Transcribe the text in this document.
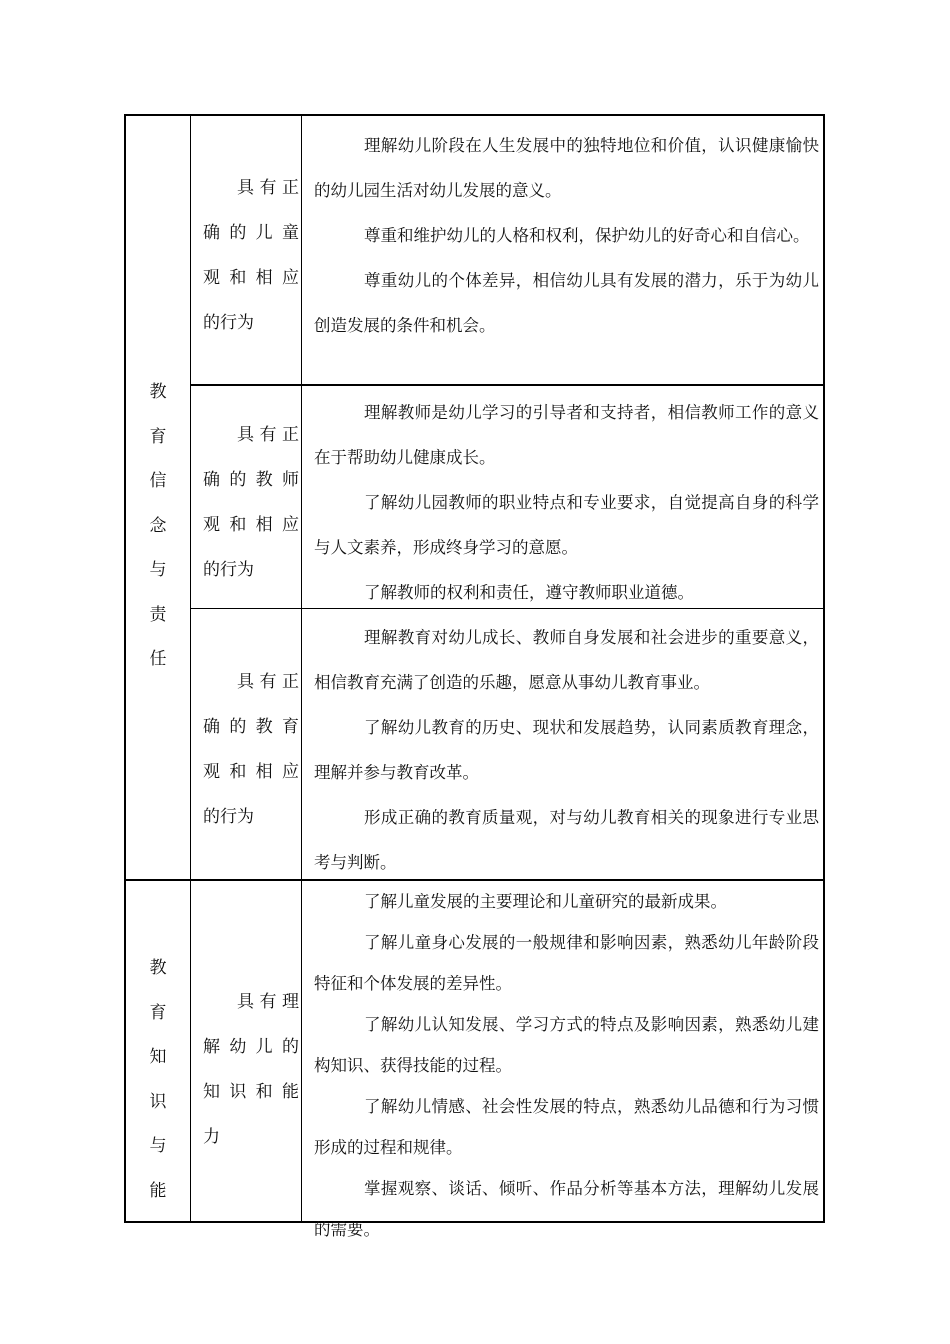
教
育
信
念
与
责
任
具有正
确 的 儿 童
观 和 相 应
的行为

理解幼儿阶段在人生发展中的独特地位和价值，认识健康愉快的幼儿园生活对幼儿发展的意义。

尊重和维护幼儿的人格和权利，保护幼儿的好奇心和自信心。

尊重幼儿的个体差异，相信幼儿具有发展的潜力，乐于为幼儿创造发展的条件和机会。

具有正
确 的 教 师
观 和 相 应
的行为

理解教师是幼儿学习的引导者和支持者，相信教师工作的意义在于帮助幼儿健康成长。

了解幼儿园教师的职业特点和专业要求，自觉提高自身的科学与人文素养，形成终身学习的意愿。

了解教师的权利和责任，遵守教师职业道德。

具有正
确 的 教 育
观 和 相 应
的行为

理解教育对幼儿成长、教师自身发展和社会进步的重要意义，相信教育充满了创造的乐趣，愿意从事幼儿教育事业。

了解幼儿教育的历史、现状和发展趋势，认同素质教育理念，理解并参与教育改革。

形成正确的教育质量观，对与幼儿教育相关的现象进行专业思考与判断。

教
育
知
识
与
能
具有理
解 幼 儿 的
知 识 和 能
力

了解儿童发展的主要理论和儿童研究的最新成果。

了解儿童身心发展的一般规律和影响因素，熟悉幼儿年龄阶段特征和个体发展的差异性。

了解幼儿认知发展、学习方式的特点及影响因素，熟悉幼儿建构知识、获得技能的过程。

了解幼儿情感、社会性发展的特点，熟悉幼儿品德和行为习惯形成的过程和规律。

掌握观察、谈话、倾听、作品分析等基本方法，理解幼儿发展的需要。
